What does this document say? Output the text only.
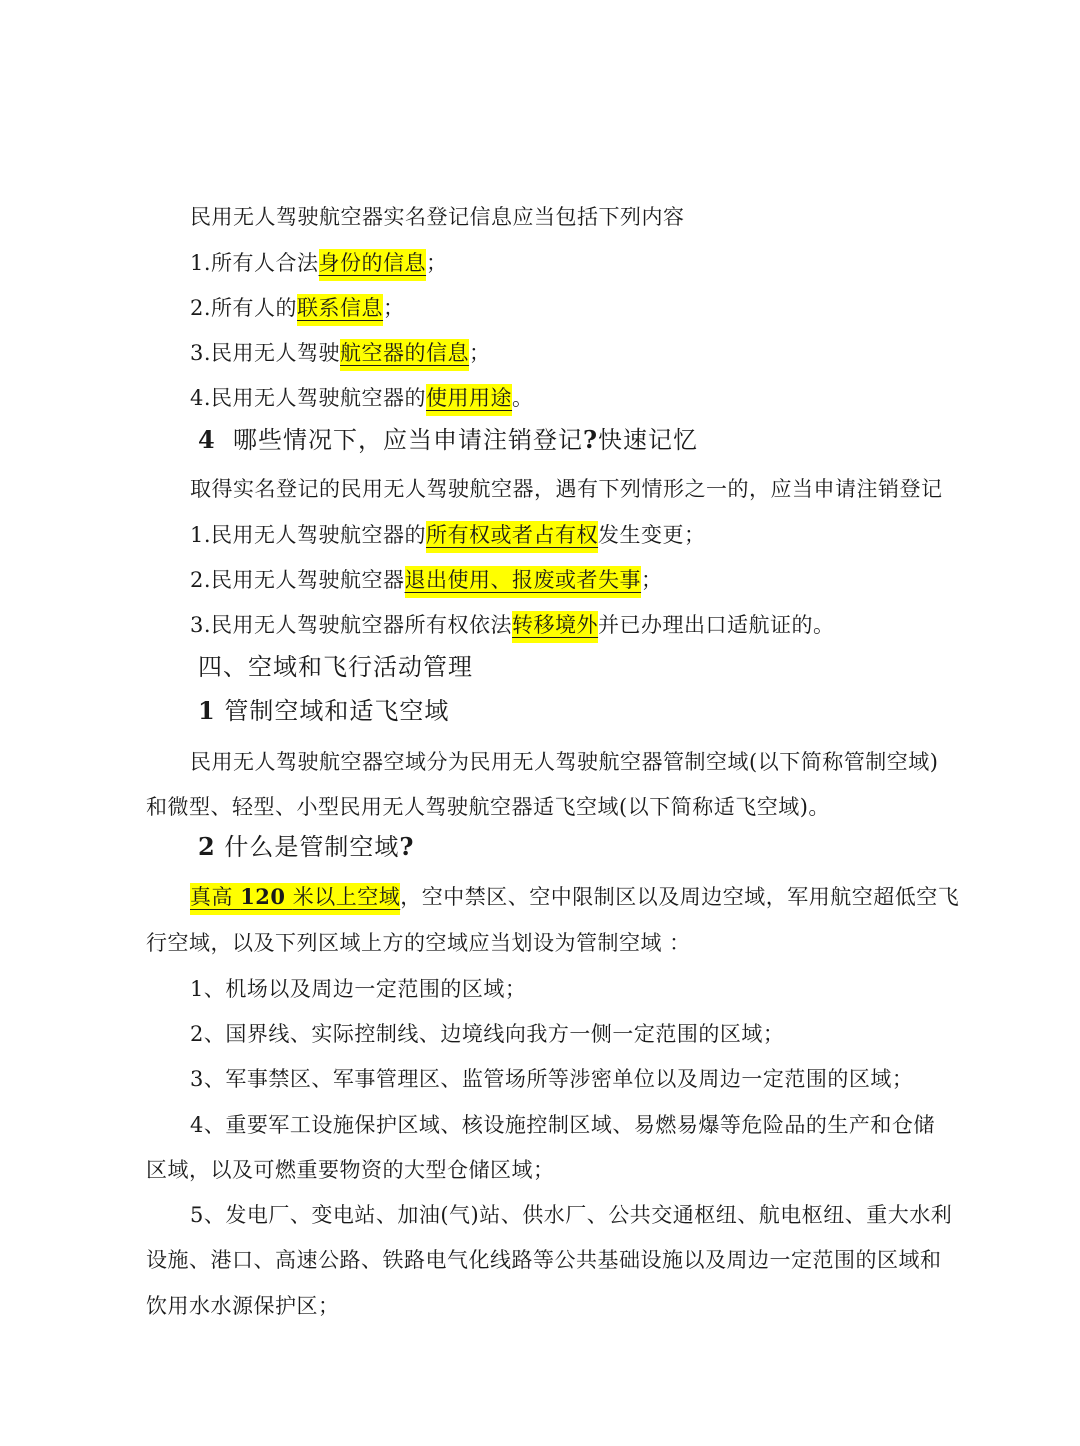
民用无人驾驶航空器实名登记信息应当包括下列内容
1.所有人合法身份的信息；
2.所有人的联系信息；
3.民用无人驾驶航空器的信息；
4.民用无人驾驶航空器的使用用途。
4 哪些情况下，应当申请注销登记?快速记忆
取得实名登记的民用无人驾驶航空器，遇有下列情形之一的，应当申请注销登记
1.民用无人驾驶航空器的所有权或者占有权发生变更；
2.民用无人驾驶航空器退出使用、报废或者失事；
3.民用无人驾驶航空器所有权依法转移境外并已办理出口适航证的。
四、空域和飞行活动管理
1 管制空域和适飞空域
民用无人驾驶航空器空域分为民用无人驾驶航空器管制空域(以下简称管制空域)
和微型、轻型、小型民用无人驾驶航空器适飞空域(以下简称适飞空域)。
2 什么是管制空域?
真高 120 米以上空域，空中禁区、空中限制区以及周边空域，军用航空超低空飞
行空域，以及下列区域上方的空域应当划设为管制空域 ：
1、机场以及周边一定范围的区域；
2、国界线、实际控制线、边境线向我方一侧一定范围的区域；
3、军事禁区、军事管理区、监管场所等涉密单位以及周边一定范围的区域；
4、重要军工设施保护区域、核设施控制区域、易燃易爆等危险品的生产和仓储
区域，以及可燃重要物资的大型仓储区域；
5、发电厂、变电站、加油(气)站、供水厂、公共交通枢纽、航电枢纽、重大水利
设施、港口、高速公路、铁路电气化线路等公共基础设施以及周边一定范围的区域和
饮用水水源保护区；
